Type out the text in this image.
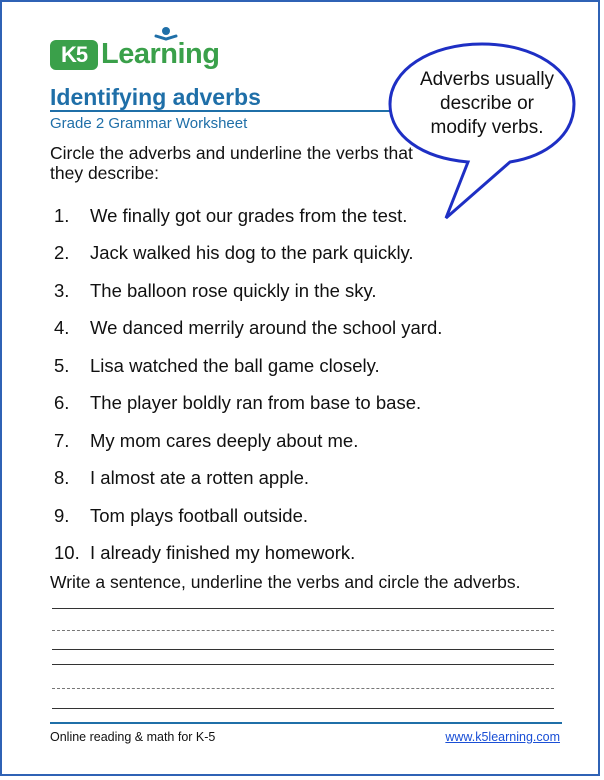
K5 Learning
Identifying adverbs
Grade 2 Grammar Worksheet
Circle the adverbs and underline the verbs that they describe:
Adverbs usually
describe or
modify verbs.
1.	We finally got our grades from the test.
2.	Jack walked his dog to the park quickly.
3.	The balloon rose quickly in the sky.
4.	We danced merrily around the school yard.
5.	Lisa watched the ball game closely.
6.	The player boldly ran from base to base.
7.	My mom cares deeply about me.
8.	I almost ate a rotten apple.
9.	Tom plays football outside.
10. I already finished my homework.
Write a sentence, underline the verbs and circle the adverbs.
Online reading & math for K-5	www.k5learning.com
